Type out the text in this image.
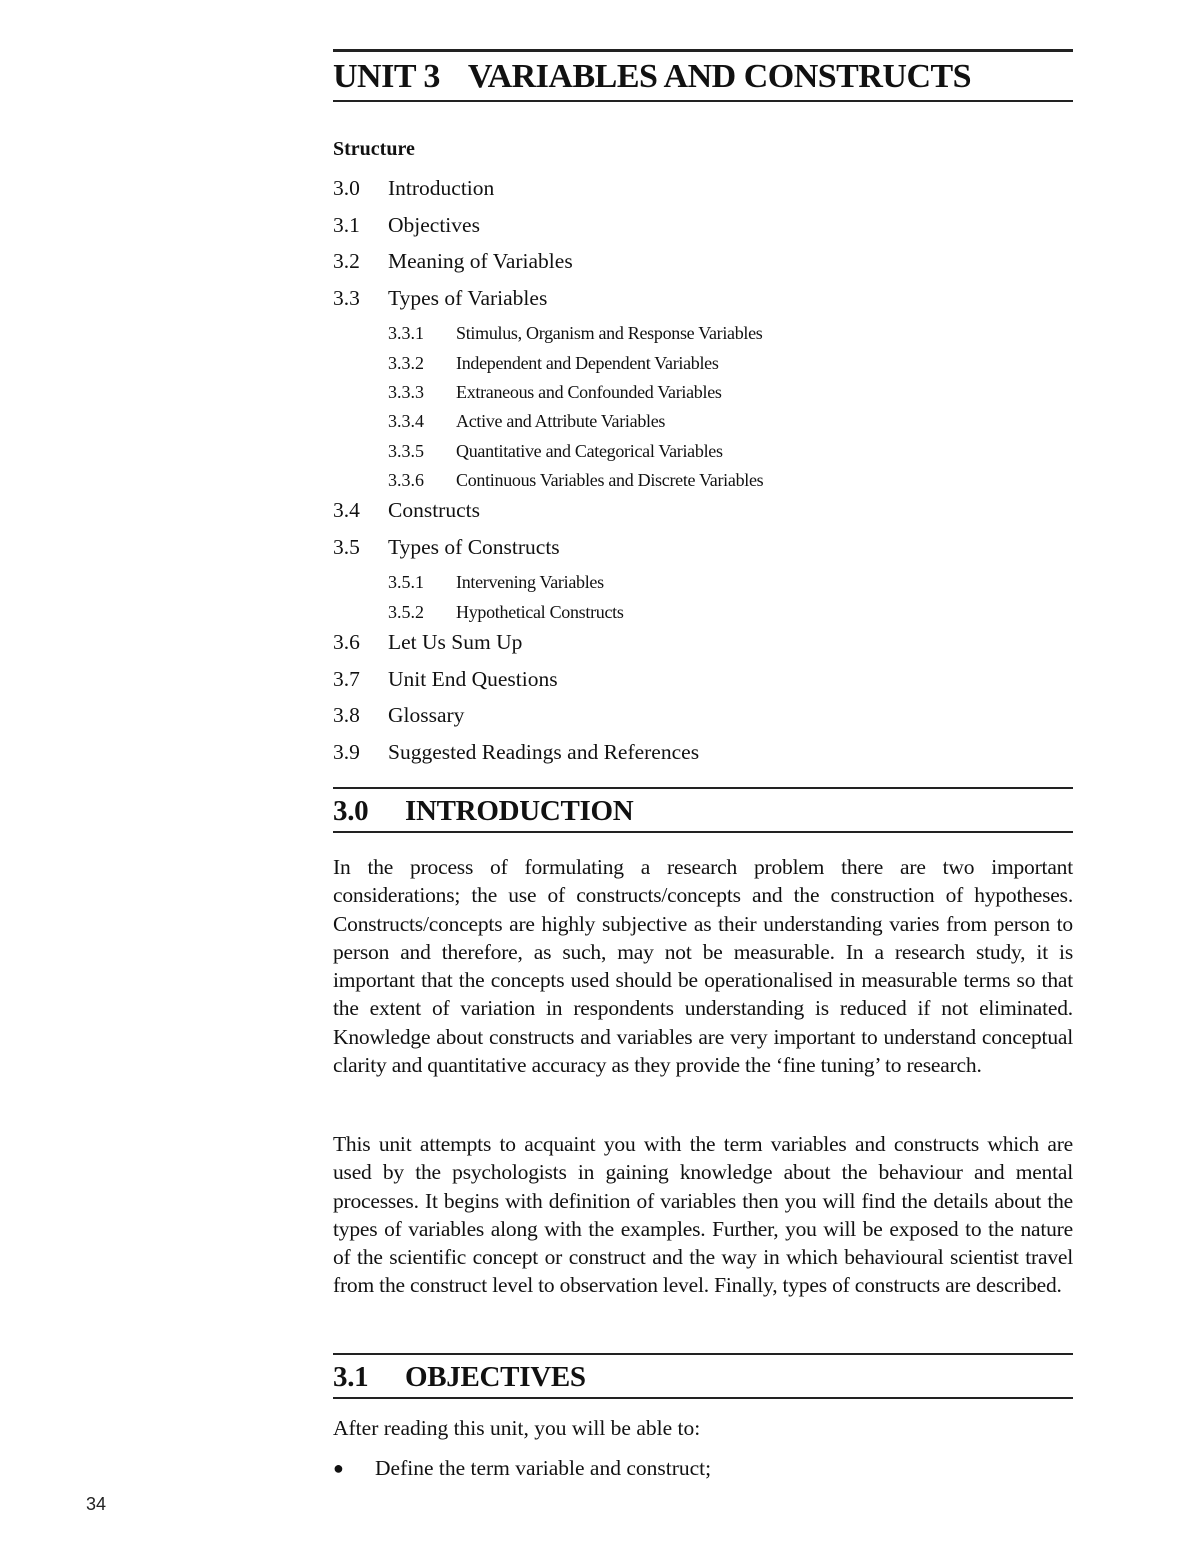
UNIT 3 VARIABLES AND CONSTRUCTS

Structure

3.0	Introduction
3.1	Objectives
3.2	Meaning of Variables
3.3	Types of Variables
3.3.1	Stimulus, Organism and Response Variables
3.3.2	Independent and Dependent Variables
3.3.3	Extraneous and Confounded Variables
3.3.4	Active and Attribute Variables
3.3.5	Quantitative and Categorical Variables
3.3.6	Continuous Variables and Discrete Variables
3.4	Constructs
3.5	Types of Constructs
3.5.1	Intervening Variables
3.5.2	Hypothetical Constructs
3.6	Let Us Sum Up
3.7	Unit End Questions
3.8	Glossary
3.9	Suggested Readings and References
3.0 INTRODUCTION

In the process of formulating a research problem there are two important considerations; the use of constructs/concepts and the construction of hypotheses. Constructs/concepts are highly subjective as their understanding varies from person to person and therefore, as such, may not be measurable. In a research study, it is important that the concepts used should be operationalised in measurable terms so that the extent of variation in respondents understanding is reduced if not eliminated. Knowledge about constructs and variables are very important to understand conceptual clarity and quantitative accuracy as they provide the ‘fine tuning’ to research.

This unit attempts to acquaint you with the term variables and constructs which are used by the psychologists in gaining knowledge about the behaviour and mental processes. It begins with definition of variables then you will find the details about the types of variables along with the examples. Further, you will be exposed to the nature of the scientific concept or construct and the way in which behavioural scientist travel from the construct level to observation level. Finally, types of constructs are described.

3.1 OBJECTIVES

After reading this unit, you will be able to:

●	Define the term variable and construct;
34
